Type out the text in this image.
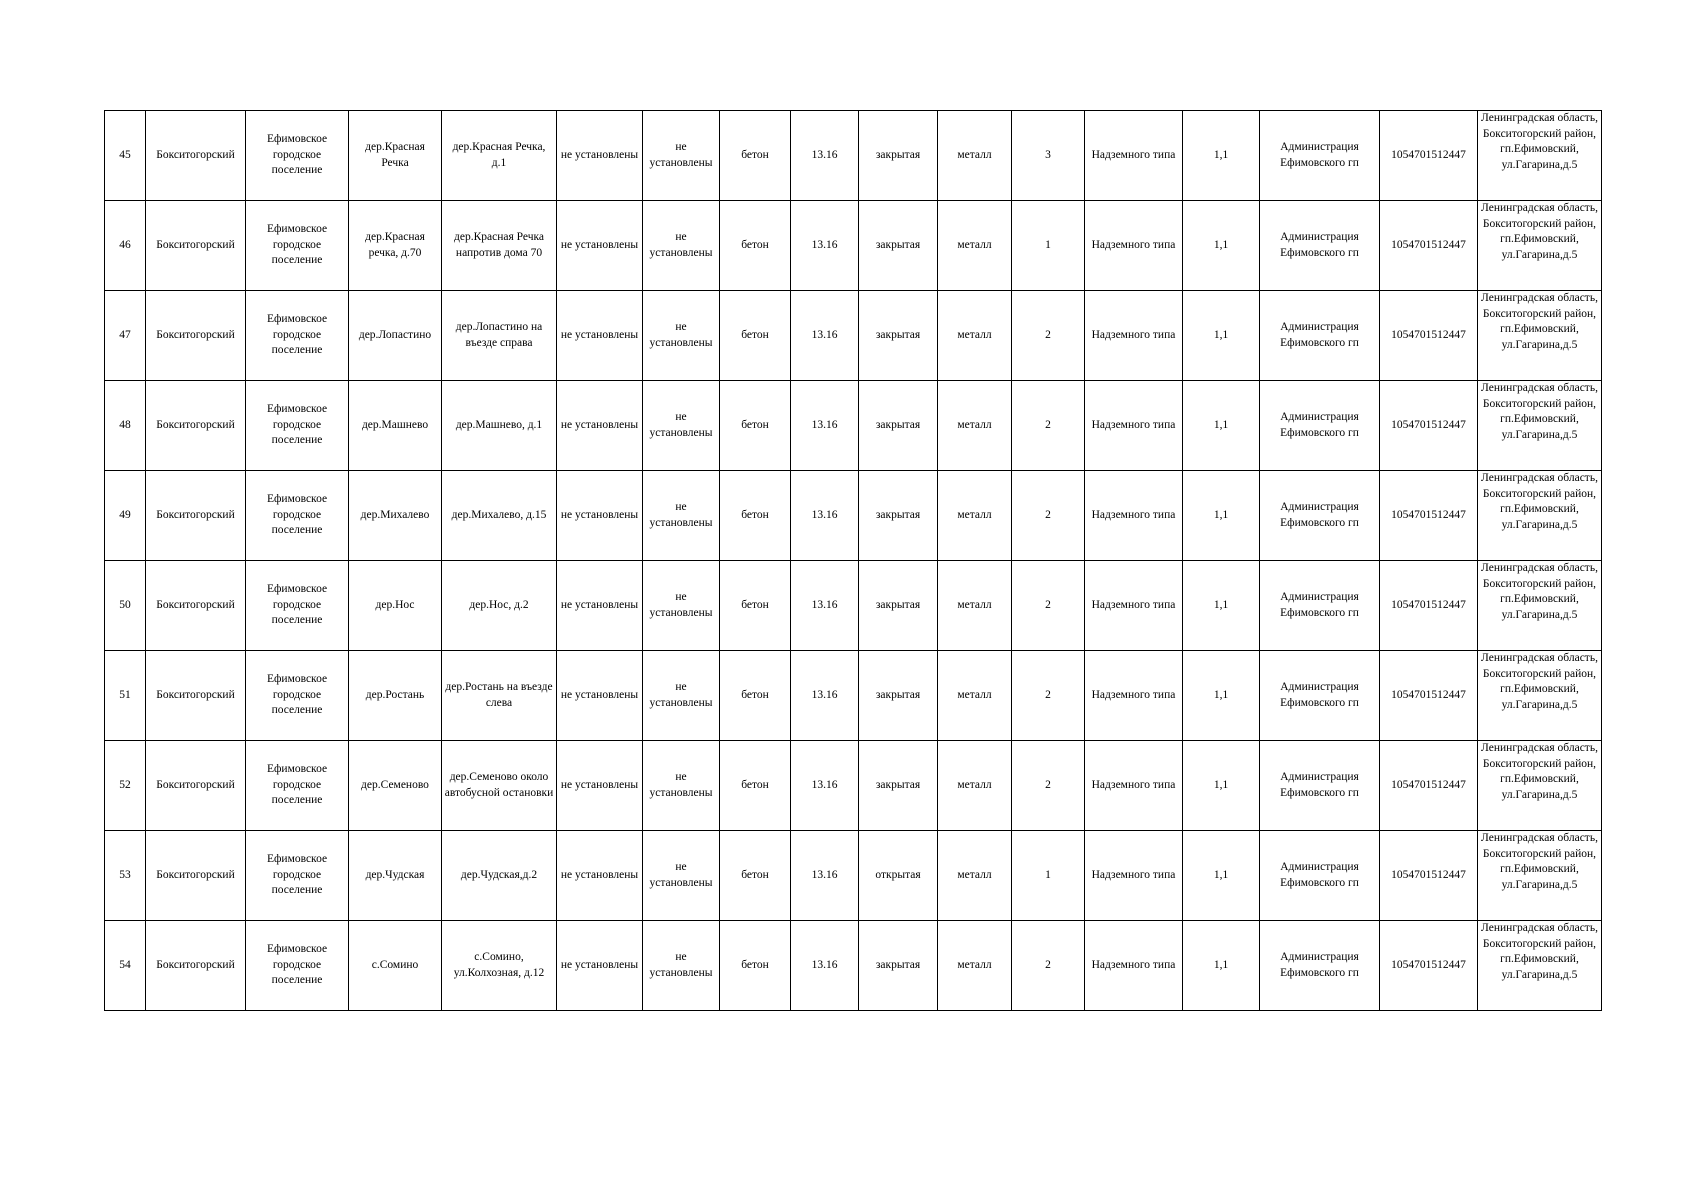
45	Бокситогорский	Ефимовское городское поселение	дер.Красная Речка	дер.Красная Речка, д.1	не установлены	не установлены	бетон	13.16	закрытая	металл	3	Надземного типа	1,1	Администрация Ефимовского гп	1054701512447	Ленинградская область, Бокситогорский район, гп.Ефимовский, ул.Гагарина,д.5

46	Бокситогорский	Ефимовское городское поселение	дер.Красная речка, д.70	дер.Красная Речка напротив дома 70	не установлены	не установлены	бетон	13.16	закрытая	металл	1	Надземного типа	1,1	Администрация Ефимовского гп	1054701512447	Ленинградская область, Бокситогорский район, гп.Ефимовский, ул.Гагарина,д.5

47	Бокситогорский	Ефимовское городское поселение	дер.Лопастино	дер.Лопастино на въезде справа	не установлены	не установлены	бетон	13.16	закрытая	металл	2	Надземного типа	1,1	Администрация Ефимовского гп	1054701512447	Ленинградская область, Бокситогорский район, гп.Ефимовский, ул.Гагарина,д.5

48	Бокситогорский	Ефимовское городское поселение	дер.Машнево	дер.Машнево, д.1	не установлены	не установлены	бетон	13.16	закрытая	металл	2	Надземного типа	1,1	Администрация Ефимовского гп	1054701512447	Ленинградская область, Бокситогорский район, гп.Ефимовский, ул.Гагарина,д.5

49	Бокситогорский	Ефимовское городское поселение	дер.Михалево	дер.Михалево, д.15	не установлены	не установлены	бетон	13.16	закрытая	металл	2	Надземного типа	1,1	Администрация Ефимовского гп	1054701512447	Ленинградская область, Бокситогорский район, гп.Ефимовский, ул.Гагарина,д.5

50	Бокситогорский	Ефимовское городское поселение	дер.Нос	дер.Нос, д.2	не установлены	не установлены	бетон	13.16	закрытая	металл	2	Надземного типа	1,1	Администрация Ефимовского гп	1054701512447	Ленинградская область, Бокситогорский район, гп.Ефимовский, ул.Гагарина,д.5

51	Бокситогорский	Ефимовское городское поселение	дер.Ростань	дер.Ростань на въезде слева	не установлены	не установлены	бетон	13.16	закрытая	металл	2	Надземного типа	1,1	Администрация Ефимовского гп	1054701512447	Ленинградская область, Бокситогорский район, гп.Ефимовский, ул.Гагарина,д.5

52	Бокситогорский	Ефимовское городское поселение	дер.Семеново	дер.Семеново около автобусной остановки	не установлены	не установлены	бетон	13.16	закрытая	металл	2	Надземного типа	1,1	Администрация Ефимовского гп	1054701512447	Ленинградская область, Бокситогорский район, гп.Ефимовский, ул.Гагарина,д.5

53	Бокситогорский	Ефимовское городское поселение	дер.Чудская	дер.Чудская,д.2	не установлены	не установлены	бетон	13.16	открытая	металл	1	Надземного типа	1,1	Администрация Ефимовского гп	1054701512447	Ленинградская область, Бокситогорский район, гп.Ефимовский, ул.Гагарина,д.5

54	Бокситогорский	Ефимовское городское поселение	с.Сомино	с.Сомино, ул.Колхозная, д.12	не установлены	не установлены	бетон	13.16	закрытая	металл	2	Надземного типа	1,1	Администрация Ефимовского гп	1054701512447	Ленинградская область, Бокситогорский район, гп.Ефимовский, ул.Гагарина,д.5
